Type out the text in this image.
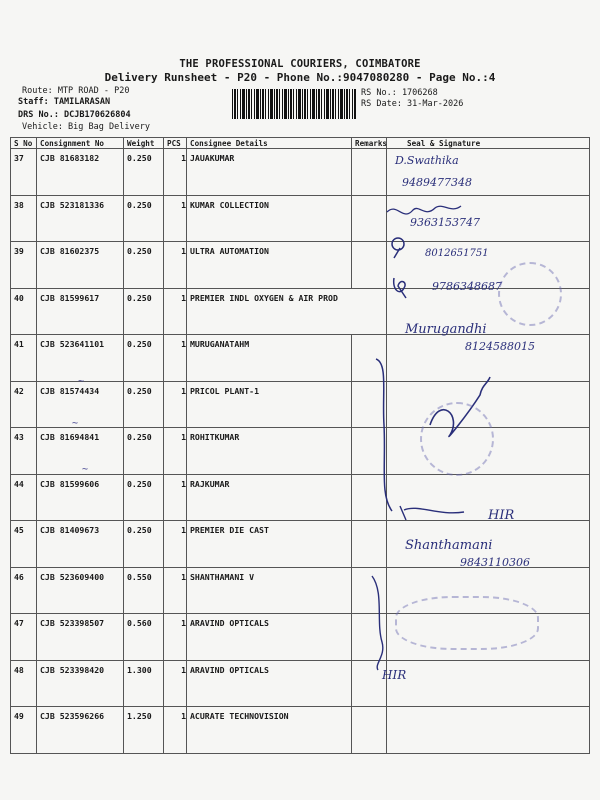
THE PROFESSIONAL COURIERS, COIMBATORE
Delivery Runsheet - P20 - Phone No.:9047080280 - Page No.:4
Route: MTP ROAD - P20
Staff: TAMILARASAN
DRS No.: DCJB170626804
Vehicle: Big Bag Delivery
RS No.: 1706268
RS Date: 31-Mar-2026
S No	Consignment No	Weight	PCS	Consignee Details	Remarks	Seal & Signature
37	CJB 81683182	0.250	1	JAUAKUMAR		
38	CJB 523181336	0.250	1	KUMAR COLLECTION		
39	CJB 81602375	0.250	1	ULTRA AUTOMATION		
40	CJB 81599617	0.250	1	PREMIER INDL OXYGEN & AIR PROD		
41	CJB 523641101	0.250	1	MURUGANATAHM		
42	CJB 81574434	0.250	1	PRICOL PLANT-1		
43	CJB 81694841	0.250	1	ROHITKUMAR		
44	CJB 81599606	0.250	1	RAJKUMAR		
45	CJB 81409673	0.250	1	PREMIER DIE CAST		
46	CJB 523609400	0.550	1	SHANTHAMANI V		
47	CJB 523398507	0.560	1	ARAVIND OPTICALS		
48	CJB 523398420	1.300	1	ARAVIND OPTICALS		
49	CJB 523596266	1.250	1	ACURATE TECHNOVISION		
D.Swathika
9489477348
9363153747
8012651751
9786348687
Murugandhi
8124588015
~
~
~
HIR
Shanthamani
9843110306
HIR
